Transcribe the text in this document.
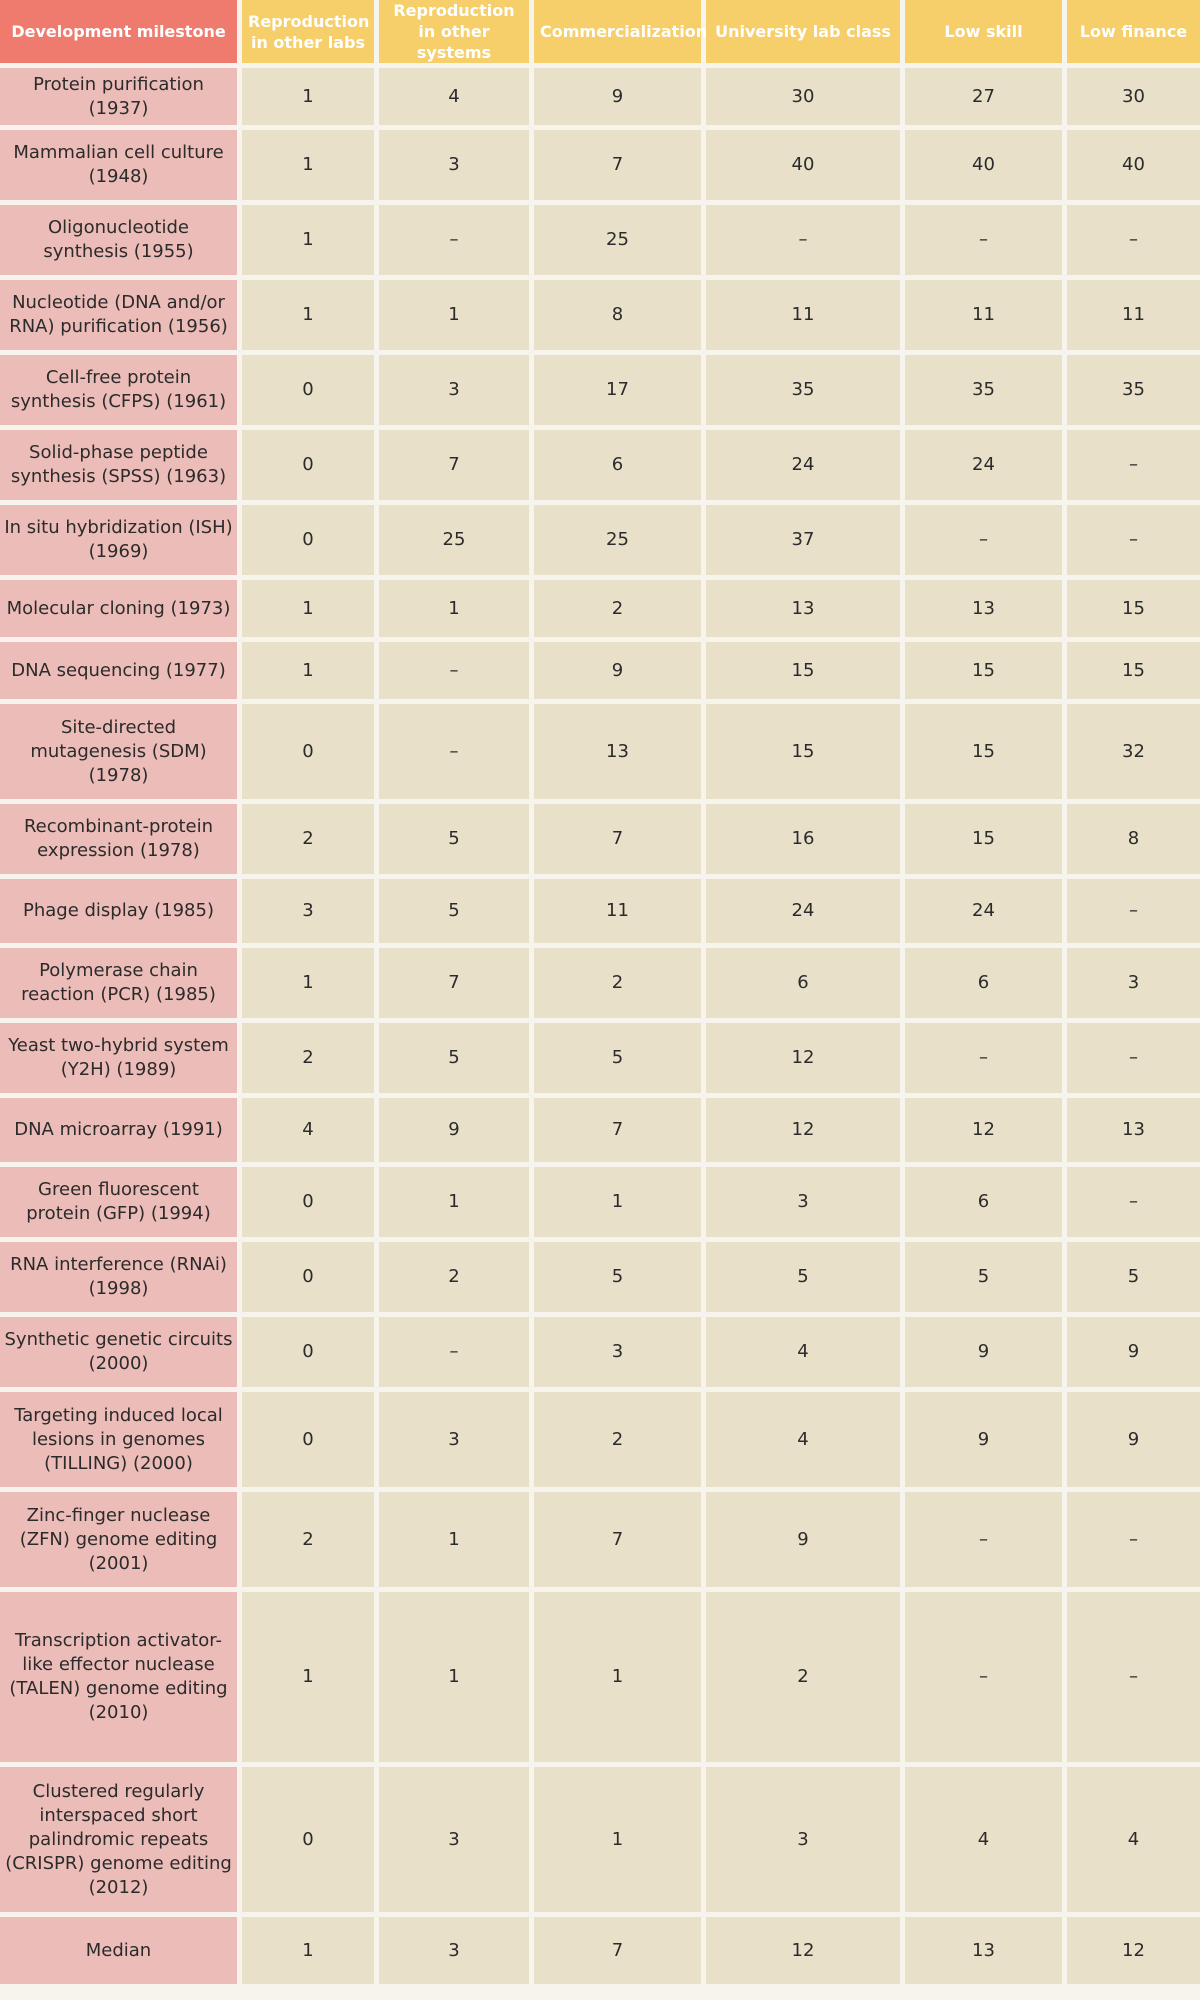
Development milestone	Reproduction in other labs	Reproduction in other systems	Commercialization	University lab class	Low skill	Low finance
Protein purification (1937)	1	4	9	30	27	30
Mammalian cell culture (1948)	1	3	7	40	40	40
Oligonucleotide synthesis (1955)	1	–	25	–	–	–
Nucleotide (DNA and/or RNA) purification (1956)	1	1	8	11	11	11
Cell-free protein synthesis (CFPS) (1961)	0	3	17	35	35	35
Solid-phase peptide synthesis (SPSS) (1963)	0	7	6	24	24	–
In situ hybridization (ISH) (1969)	0	25	25	37	–	–
Molecular cloning (1973)	1	1	2	13	13	15
DNA sequencing (1977)	1	–	9	15	15	15
Site-directed mutagenesis (SDM) (1978)	0	–	13	15	15	32
Recombinant-protein expression (1978)	2	5	7	16	15	8
Phage display (1985)	3	5	11	24	24	–
Polymerase chain reaction (PCR) (1985)	1	7	2	6	6	3
Yeast two-hybrid system (Y2H) (1989)	2	5	5	12	–	–
DNA microarray (1991)	4	9	7	12	12	13
Green fluorescent protein (GFP) (1994)	0	1	1	3	6	–
RNA interference (RNAi) (1998)	0	2	5	5	5	5
Synthetic genetic circuits (2000)	0	–	3	4	9	9
Targeting induced local lesions in genomes (TILLING) (2000)	0	3	2	4	9	9
Zinc-finger nuclease (ZFN) genome editing (2001)	2	1	7	9	–	–
Transcription activator-like effector nuclease (TALEN) genome editing (2010)	1	1	1	2	–	–
Clustered regularly interspaced short palindromic repeats (CRISPR) genome editing (2012)	0	3	1	3	4	4
Median	1	3	7	12	13	12
